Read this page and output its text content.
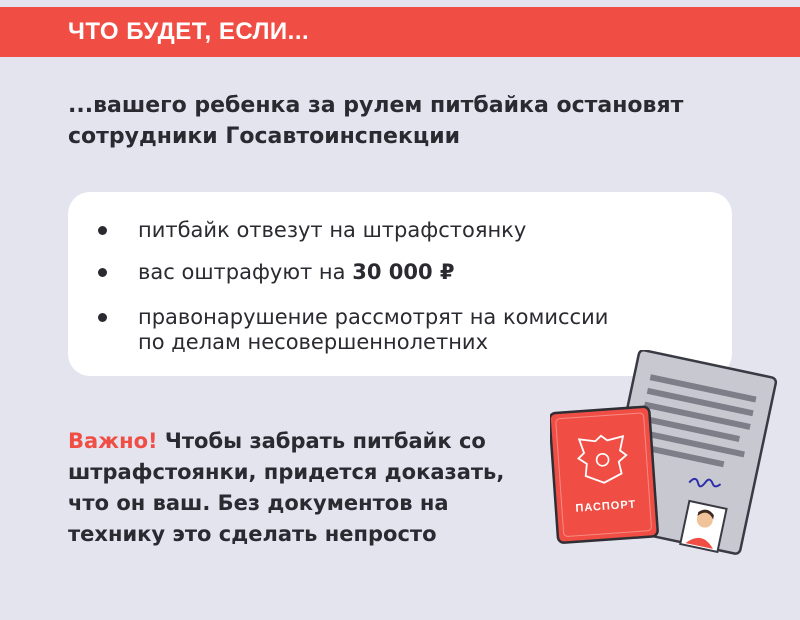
ЧТО БУДЕТ, ЕСЛИ...
...вашего ребенка за рулем питбайка остановят сотрудники Госавтоинспекции
питбайк отвезут на штрафстоянку
вас оштрафуют на 30 000 ₽
правонарушение рассмотрят на комиссии
по делам несовершеннолетних
Важно! Чтобы забрать питбайк со штрафстоянки, придется доказать, что он ваш. Без документов на технику это сделать непросто
ПАСПОРТ
